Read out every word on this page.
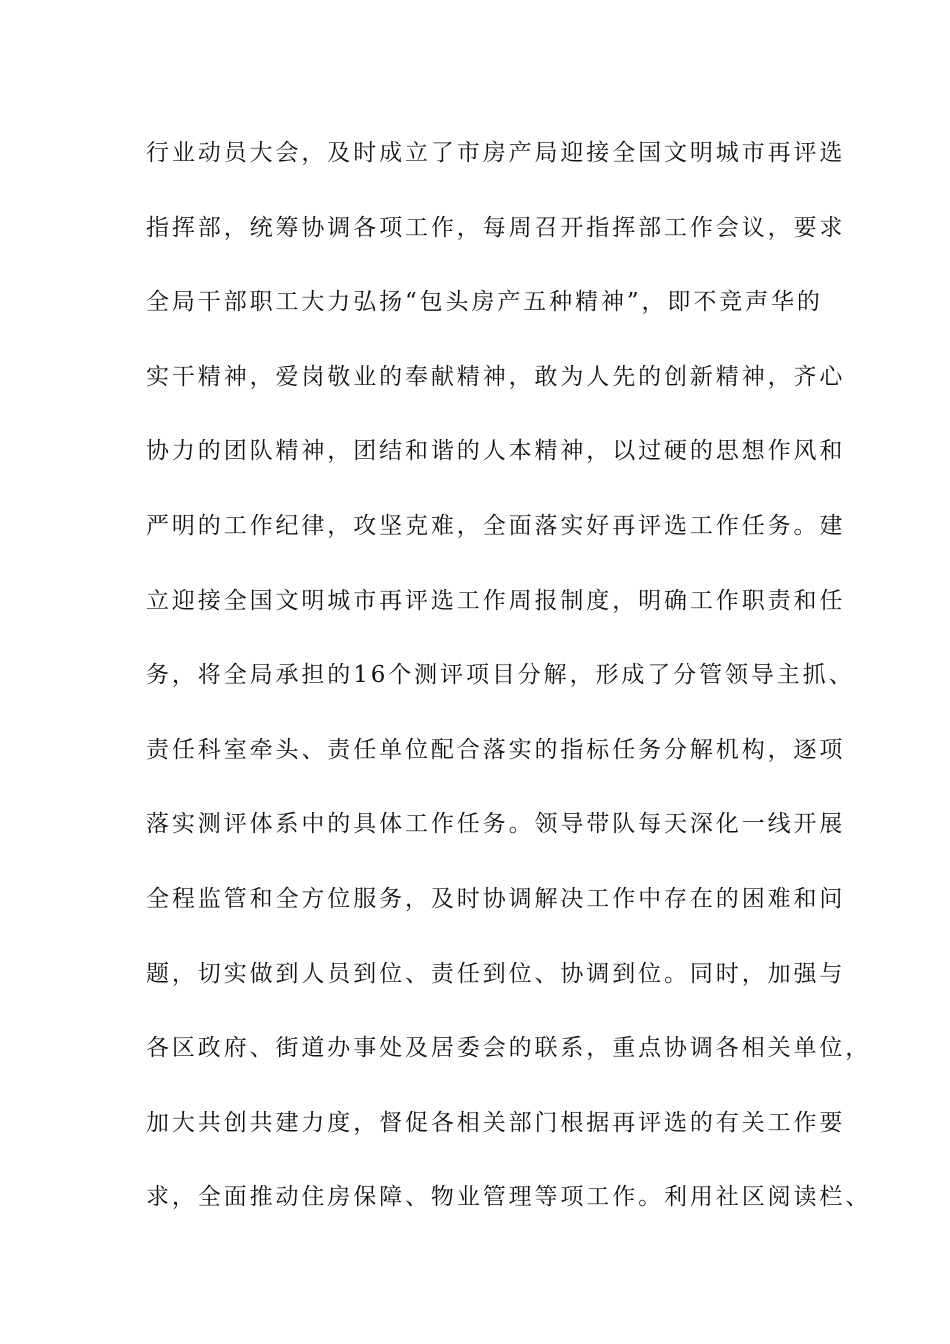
行业动员大会，及时成立了市房产局迎接全国文明城市再评选
指挥部，统筹协调各项工作，每周召开指挥部工作会议，要求
全局干部职工大力弘扬“包头房产五种精神”，即不竞声华的
实干精神，爱岗敬业的奉献精神，敢为人先的创新精神，齐心
协力的团队精神，团结和谐的人本精神，以过硬的思想作风和
严明的工作纪律，攻坚克难，全面落实好再评选工作任务。建
立迎接全国文明城市再评选工作周报制度，明确工作职责和任
务，将全局承担的16个测评项目分解，形成了分管领导主抓、
责任科室牵头、责任单位配合落实的指标任务分解机构，逐项
落实测评体系中的具体工作任务。领导带队每天深化一线开展
全程监管和全方位服务，及时协调解决工作中存在的困难和问
题，切实做到人员到位、责任到位、协调到位。同时，加强与
各区政府、街道办事处及居委会的联系，重点协调各相关单位，
加大共创共建力度，督促各相关部门根据再评选的有关工作要
求，全面推动住房保障、物业管理等项工作。利用社区阅读栏、
